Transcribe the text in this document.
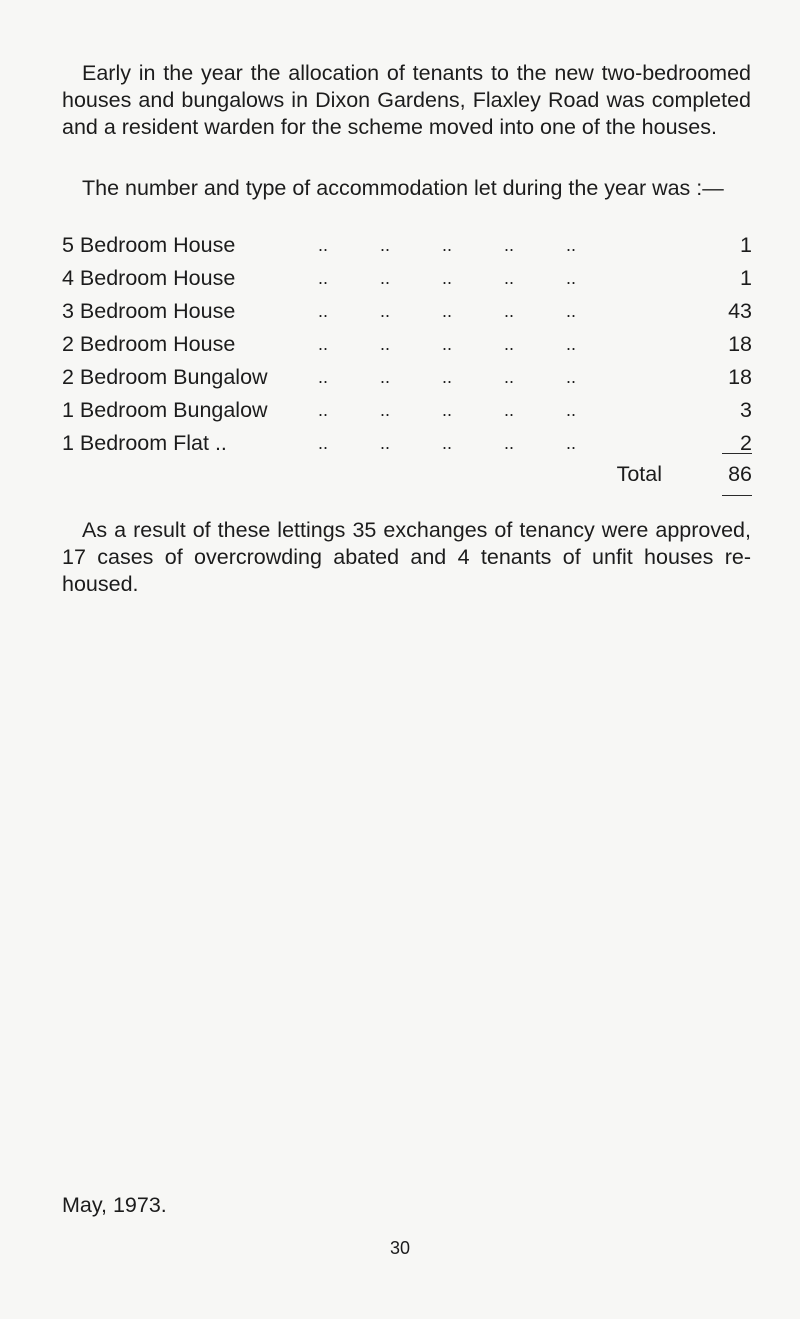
Early in the year the allocation of tenants to the new two-bedroomed houses and bungalows in Dixon Gardens, Flaxley Road was completed and a resident warden for the scheme moved into one of the houses.

The number and type of accommodation let during the year was :—

5 Bedroom House	..	..	..	..	..	1
4 Bedroom House	..	..	..	..	..	1
3 Bedroom House	..	..	..	..	..	43
2 Bedroom House	..	..	..	..	..	18
2 Bedroom Bungalow	..	..	..	..	..	18
1 Bedroom Bungalow	..	..	..	..	..	3
1 Bedroom Flat ..	..	..	..	..	..	2
Total	86

As a result of these lettings 35 exchanges of tenancy were approved, 17 cases of overcrowding abated and 4 tenants of unfit houses re-housed.

May, 1973.
30
